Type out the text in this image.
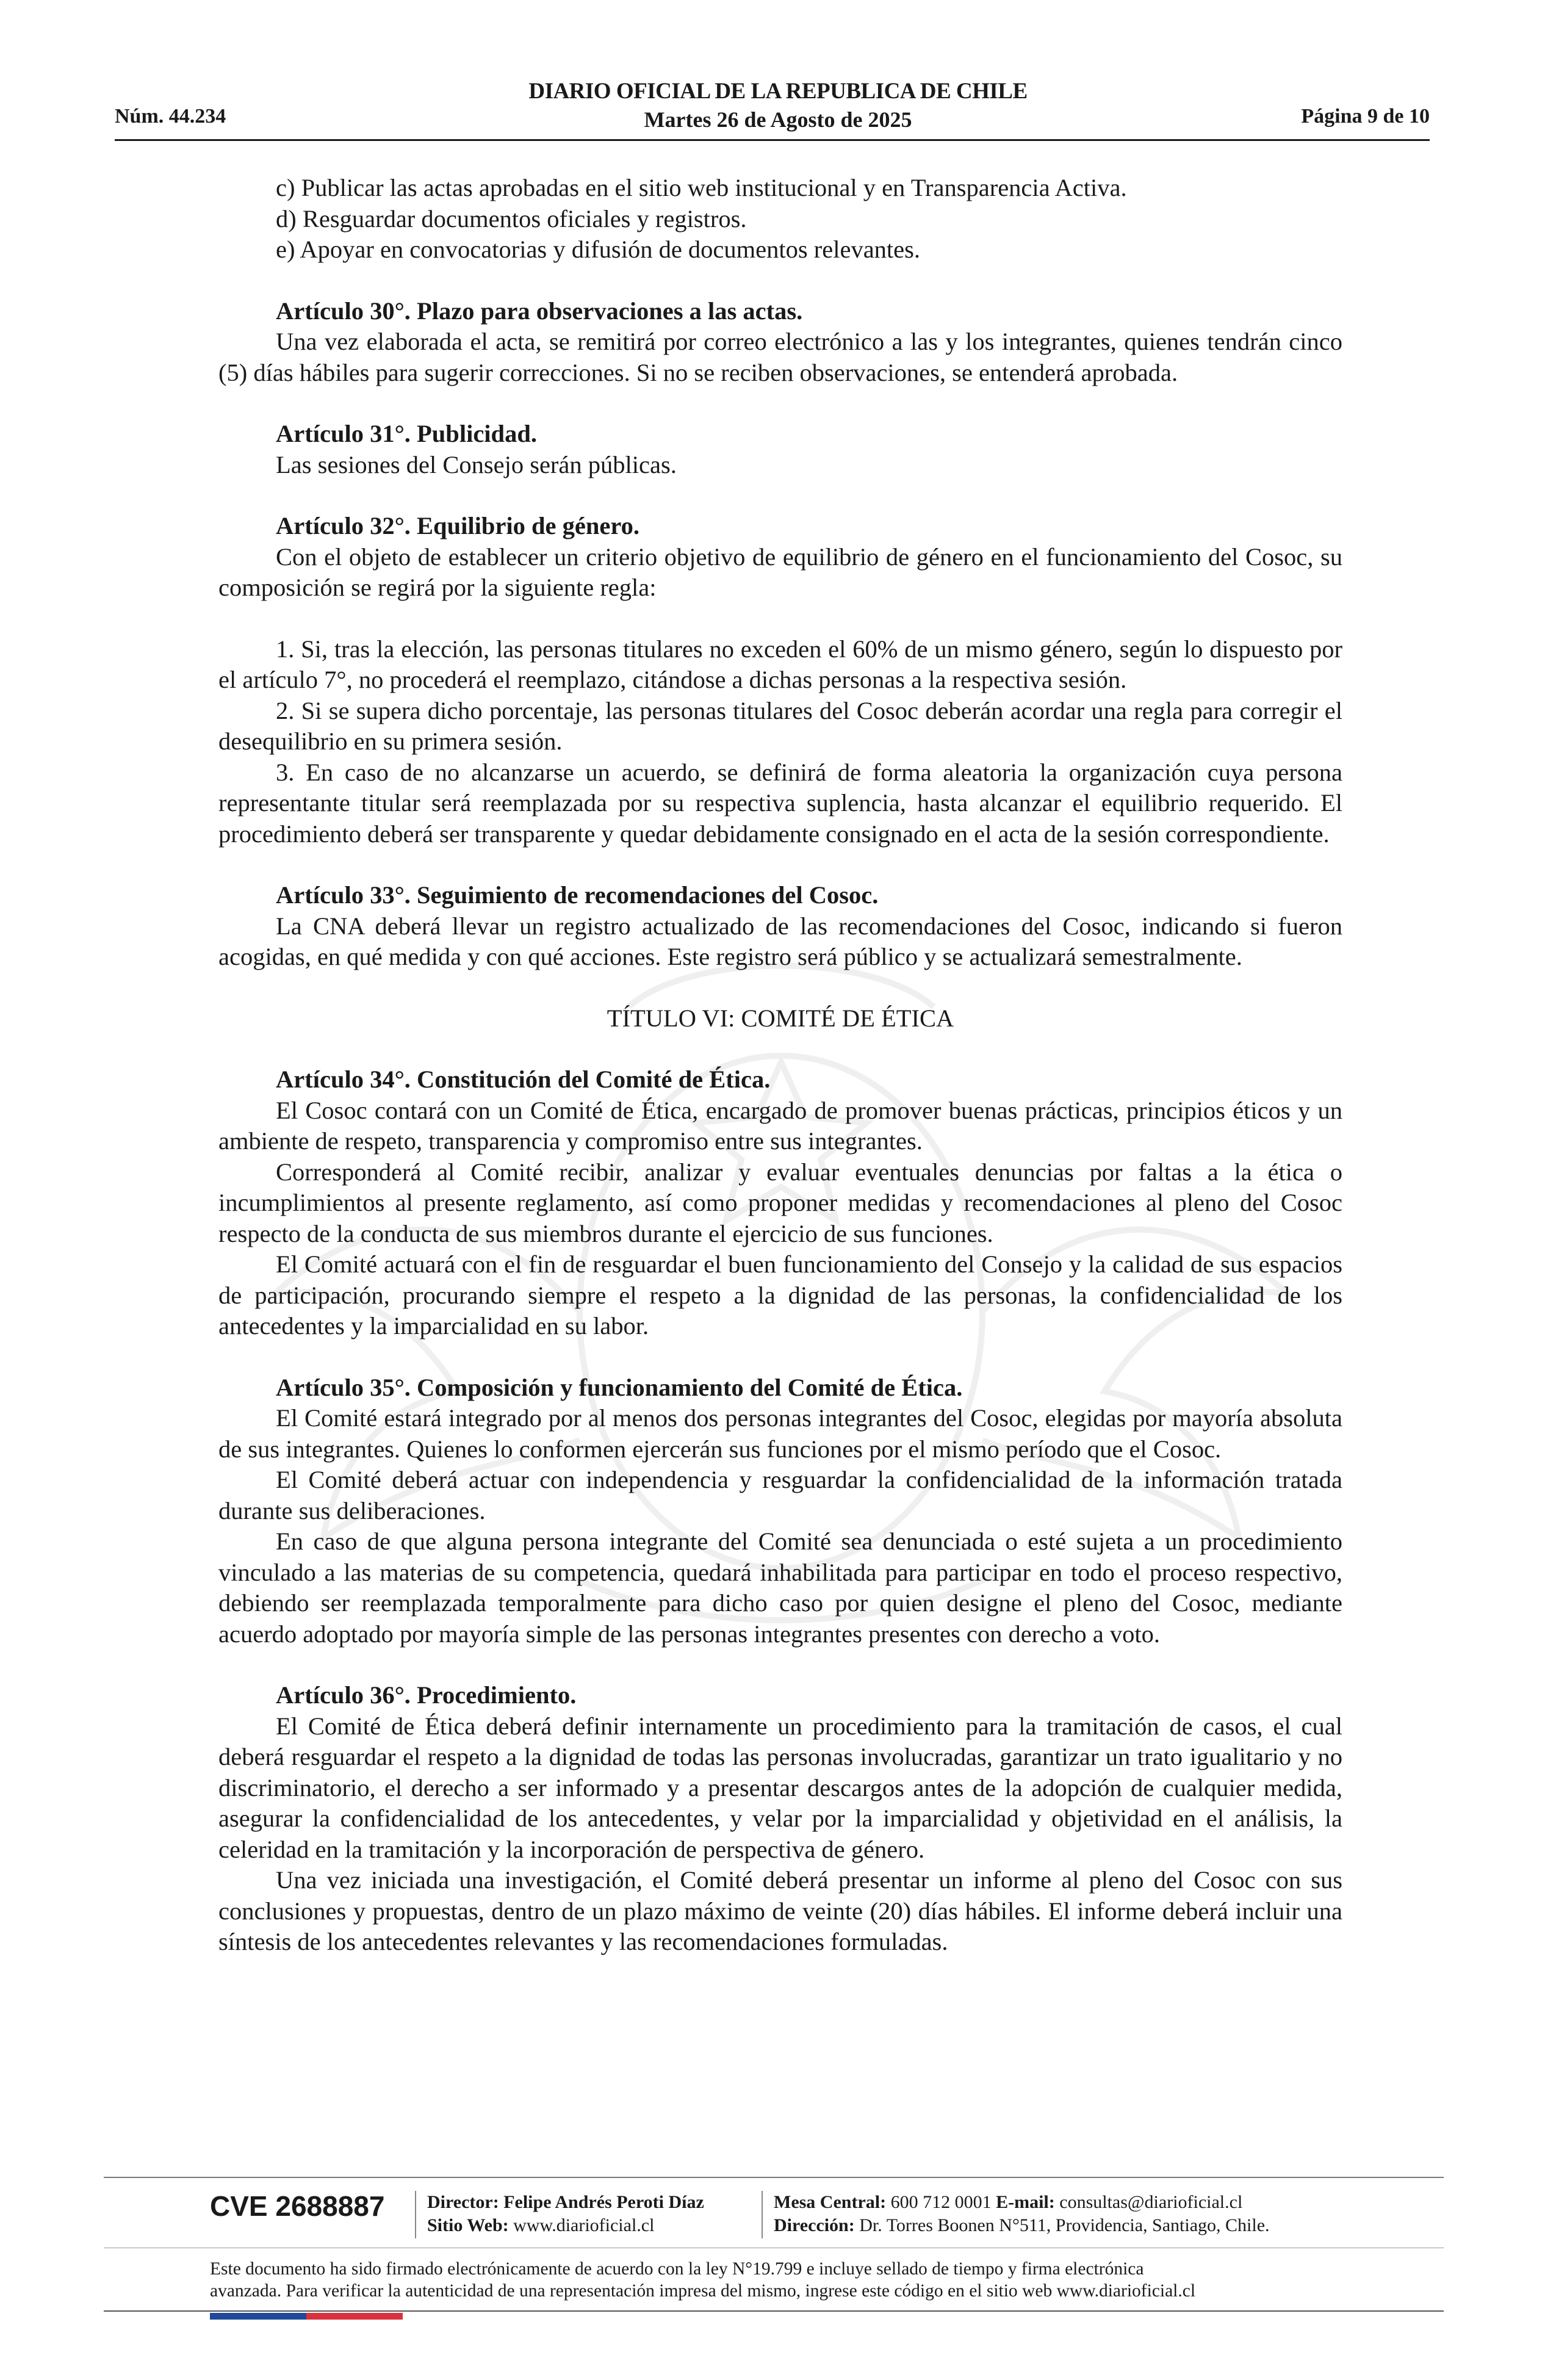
Núm. 44.234
DIARIO OFICIAL DE LA REPUBLICA DE CHILE
Martes 26 de Agosto de 2025	Página 9 de 10

c) Publicar las actas aprobadas en el sitio web institucional y en Transparencia Activa.

d) Resguardar documentos oficiales y registros.

e) Apoyar en convocatorias y difusión de documentos relevantes.

Artículo 30°. Plazo para observaciones a las actas.

Una vez elaborada el acta, se remitirá por correo electrónico a las y los integrantes, quienes tendrán cinco (5) días hábiles para sugerir correcciones. Si no se reciben observaciones, se entenderá aprobada.

Artículo 31°. Publicidad.

Las sesiones del Consejo serán públicas.

Artículo 32°. Equilibrio de género.

Con el objeto de establecer un criterio objetivo de equilibrio de género en el funcionamiento del Cosoc, su composición se regirá por la siguiente regla:

1. Si, tras la elección, las personas titulares no exceden el 60% de un mismo género, según lo dispuesto por el artículo 7°, no procederá el reemplazo, citándose a dichas personas a la respectiva sesión.

2. Si se supera dicho porcentaje, las personas titulares del Cosoc deberán acordar una regla para corregir el desequilibrio en su primera sesión.

3. En caso de no alcanzarse un acuerdo, se definirá de forma aleatoria la organización cuya persona representante titular será reemplazada por su respectiva suplencia, hasta alcanzar el equilibrio requerido. El procedimiento deberá ser transparente y quedar debidamente consignado en el acta de la sesión correspondiente.

Artículo 33°. Seguimiento de recomendaciones del Cosoc.

La CNA deberá llevar un registro actualizado de las recomendaciones del Cosoc, indicando si fueron acogidas, en qué medida y con qué acciones. Este registro será público y se actualizará semestralmente.

TÍTULO VI: COMITÉ DE ÉTICA

Artículo 34°. Constitución del Comité de Ética.

El Cosoc contará con un Comité de Ética, encargado de promover buenas prácticas, principios éticos y un ambiente de respeto, transparencia y compromiso entre sus integrantes.

Corresponderá al Comité recibir, analizar y evaluar eventuales denuncias por faltas a la ética o incumplimientos al presente reglamento, así como proponer medidas y recomendaciones al pleno del Cosoc respecto de la conducta de sus miembros durante el ejercicio de sus funciones.

El Comité actuará con el fin de resguardar el buen funcionamiento del Consejo y la calidad de sus espacios de participación, procurando siempre el respeto a la dignidad de las personas, la confidencialidad de los antecedentes y la imparcialidad en su labor.

Artículo 35°. Composición y funcionamiento del Comité de Ética.

El Comité estará integrado por al menos dos personas integrantes del Cosoc, elegidas por mayoría absoluta de sus integrantes. Quienes lo conformen ejercerán sus funciones por el mismo período que el Cosoc.

El Comité deberá actuar con independencia y resguardar la confidencialidad de la información tratada durante sus deliberaciones.

En caso de que alguna persona integrante del Comité sea denunciada o esté sujeta a un procedimiento vinculado a las materias de su competencia, quedará inhabilitada para participar en todo el proceso respectivo, debiendo ser reemplazada temporalmente para dicho caso por quien designe el pleno del Cosoc, mediante acuerdo adoptado por mayoría simple de las personas integrantes presentes con derecho a voto.

Artículo 36°. Procedimiento.

El Comité de Ética deberá definir internamente un procedimiento para la tramitación de casos, el cual deberá resguardar el respeto a la dignidad de todas las personas involucradas, garantizar un trato igualitario y no discriminatorio, el derecho a ser informado y a presentar descargos antes de la adopción de cualquier medida, asegurar la confidencialidad de los antecedentes, y velar por la imparcialidad y objetividad en el análisis, la celeridad en la tramitación y la incorporación de perspectiva de género.

Una vez iniciada una investigación, el Comité deberá presentar un informe al pleno del Cosoc con sus conclusiones y propuestas, dentro de un plazo máximo de veinte (20) días hábiles. El informe deberá incluir una síntesis de los antecedentes relevantes y las recomendaciones formuladas.

CVE 2688887 Director: Felipe Andrés Peroti Díaz
Sitio Web: www.diarioficial.cl
Mesa Central: 600 712 0001 E-mail: consultas@diarioficial.cl
Dirección: Dr. Torres Boonen N°511, Providencia, Santiago, Chile.
Este documento ha sido firmado electrónicamente de acuerdo con la ley N°19.799 e incluye sellado de tiempo y firma electrónica
avanzada. Para verificar la autenticidad de una representación impresa del mismo, ingrese este código en el sitio web www.diarioficial.cl
